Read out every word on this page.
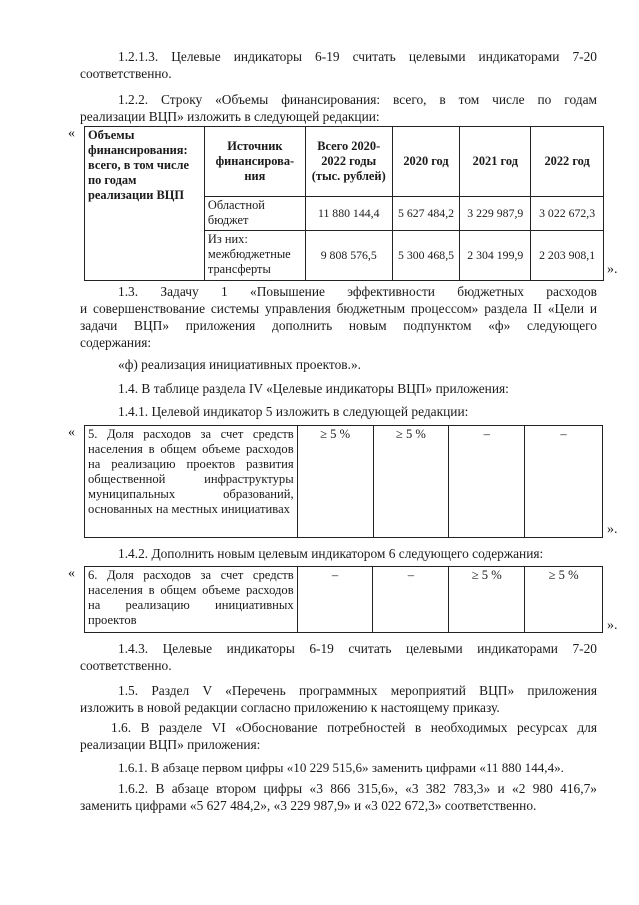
1.2.1.3. Целевые индикаторы 6-19 считать целевыми индикаторами 7-20
соответственно.
1.2.2. Строку «Объемы финансирования: всего, в том числе по годам
реализации ВЦП» изложить в следующей редакции:
« Объемы финансирования: всего, в том числе по годам реализации ВЦП	Источник финансирова-ния	Всего 2020-2022 годы (тыс. рублей)	2020 год	2021 год	2022 год
	Областной бюджет	11 880 144,4	5 627 484,2	3 229 987,9	3 022 672,3
	Из них: межбюджетные трансферты	9 808 576,5	5 300 468,5	2 304 199,9	2 203 908,1
».
1.3. Задачу 1 «Повышение эффективности бюджетных расходов
и совершенствование системы управления бюджетным процессом» раздела II «Цели и
задачи ВЦП» приложения дополнить новым подпунктом «ф» следующего
содержания:
«ф) реализация инициативных проектов.».
1.4. В таблице раздела IV «Целевые индикаторы ВЦП» приложения:
1.4.1. Целевой индикатор 5 изложить в следующей редакции:
« 5. Доля расходов за счет средств населения в общем объеме расходов на реализацию проектов развития общественной инфраструктуры муниципальных образований, основанных на местных инициативах	≥ 5 %	≥ 5 %	–	–
».
1.4.2. Дополнить новым целевым индикатором 6 следующего содержания:
« 6. Доля расходов за счет средств населения в общем объеме расходов на реализацию инициативных проектов	–	–	≥ 5 %	≥ 5 %
».
1.4.3. Целевые индикаторы 6-19 считать целевыми индикаторами 7-20
соответственно.
1.5. Раздел V «Перечень программных мероприятий ВЦП» приложения
изложить в новой редакции согласно приложению к настоящему приказу.
1.6. В разделе VI «Обоснование потребностей в необходимых ресурсах для
реализации ВЦП» приложения:
1.6.1. В абзаце первом цифры «10 229 515,6» заменить цифрами «11 880 144,4».
1.6.2. В абзаце втором цифры «3 866 315,6», «3 382 783,3» и «2 980 416,7»
заменить цифрами «5 627 484,2», «3 229 987,9» и «3 022 672,3» соответственно.
